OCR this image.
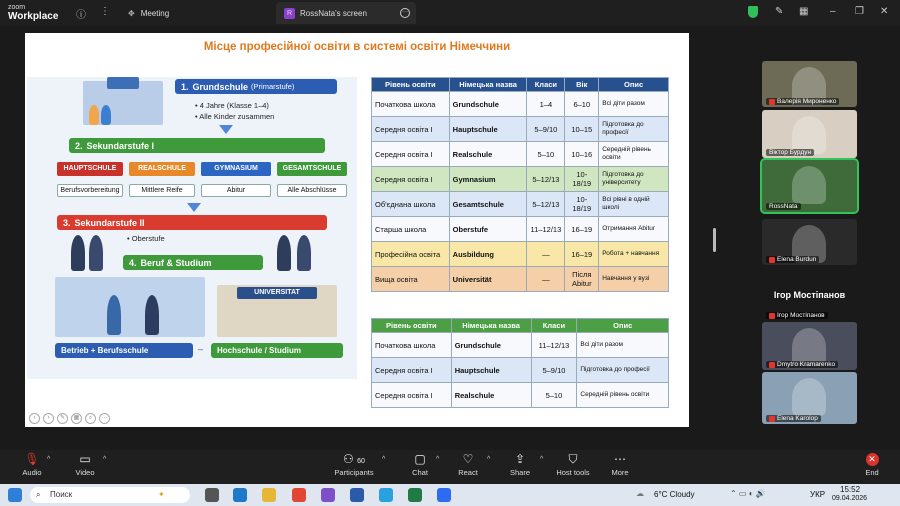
zoom
Workplace ⓘ ⋮ ✥ Meeting	R RossNata's screen	···	✎ ▦ – ❐ ✕
Місце професійної освіти в системі освіти Німеччини
1. Grundschule (Primarstufe)
• 4 Jahre (Klasse 1–4)
• Alle Kinder zusammen
2. Sekundarstufe I
HAUPTSCHULE
Berufsvorbereitung
REALSCHULE
Mittlere Reife
GYMNASIUM
Abitur
GESAMTSCHULE
Alle Abschlüsse
3. Sekundarstufe II
• Oberstufe
4. Beruf & Studium
UNIVERSITAT
Betrieb + Berufsschule	–	Hochschule / Studium
Рівень освіти	Німецька назва	Класи	Вік	Опис
Початкова школа	Grundschule	1–4	6–10	Всі діти разом
Середня освіта I	Hauptschule	5–9/10	10–15	Підготовка до професії
Середня освіта I	Realschule	5–10	10–16	Середній рівень освіти
Середня освіта I	Gymnasium	5–12/13	10-18/19	Підготовка до університету
Об'єднана школа	Gesamtschule	5–12/13	10-18/19	Всі рівні в одній школі
Старша школа	Oberstufe	11–12/13	16–19	Отримання Abitur
Професійна освіта	Ausbildung	—	16–19	Робота + навчання
Вища освіта	Universität	—	Після Abitur	Навчання у вузі
Рівень освіти	Німецька назва	Класи	Опис
Початкова школа	Grundschule	11–12/13	Всі діти разом
Середня освіта I	Hauptschule	5–9/10	Підготовка до професії
Середня освіта I	Realschule	5–10	Середній рівень освіти
‹	›	✎	▦	⌕	···
Валерія Мироненко
Віктор Бурдун
RossNata
Elena Burdun
Ігор Мостіпанов
Dmytro Kramarenko
Elena Karolop
Ігор Мостіпанов
🎙︎
Audio
^	▭
Video
^	⚇ 60
Participants
^	▢
Chat
^	♡
React
^	⇪
Share
^	⛉
Host tools
⋯
More
✕
End
⌕ Поиск	✦	☁ 6°C Cloudy	⌃ ▭ ◐ 🔊	УКР
15:52
09.04.2026
